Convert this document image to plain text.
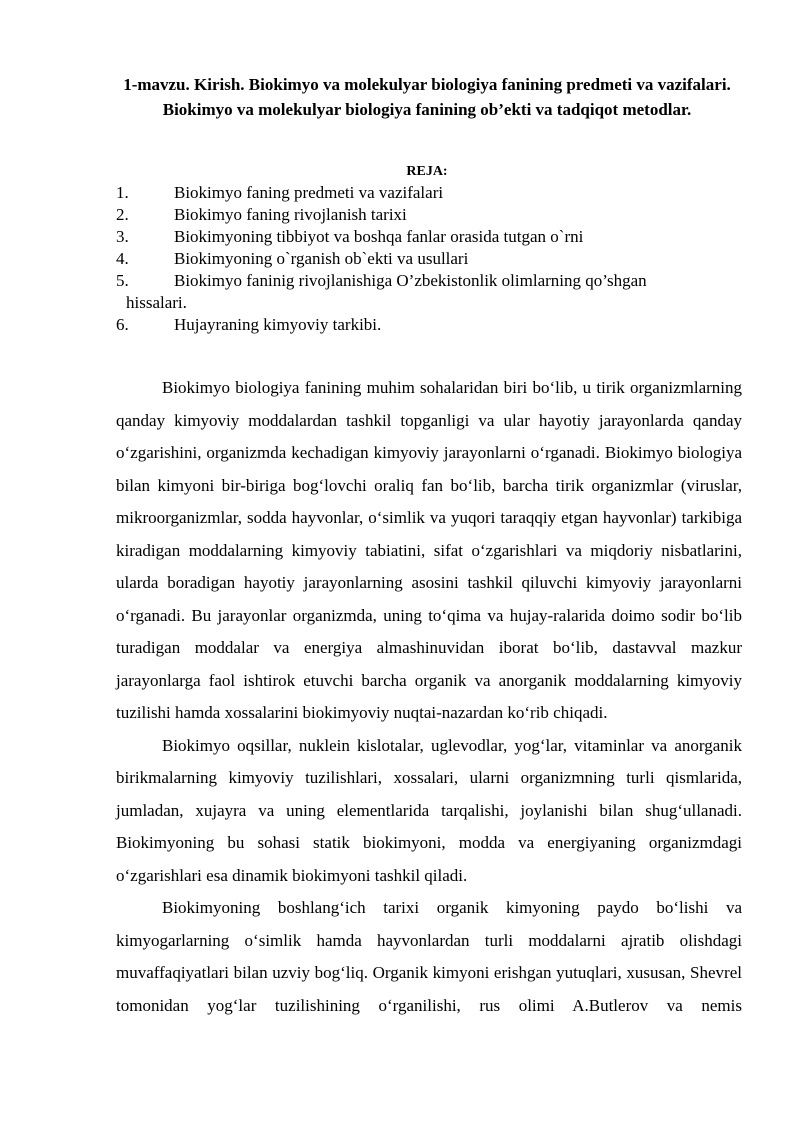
1-mavzu. Kirish. Biokimyo va molekulyar biologiya fanining predmeti va vazifalari. Biokimyo va molekulyar biologiya fanining ob’ekti va tadqiqot metodlar.
REJA:
1.	Biokimyo faning predmeti va vazifalari
2.	Biokimyo faning rivojlanish tarixi
3.	Biokimyoning tibbiyot va boshqa fanlar orasida tutgan o`rni
4.	Biokimyoning o`rganish ob`ekti va usullari
5.	Biokimyo faninig rivojlanishiga O’zbekistonlik olimlarning qo’shgan
hissalari.
6.	Hujayraning kimyoviy tarkibi.

Biokimyo biologiya fanining muhim sohalaridan biri bo‘lib, u tirik organizmlarning qanday kimyoviy moddalardan tashkil topganligi va ular hayotiy jarayonlarda qanday o‘zgarishini, organizmda kechadigan kimyoviy jarayonlarni o‘rganadi. Biokimyo biologiya bilan kimyoni bir-biriga bog‘lovchi oraliq fan bo‘lib, barcha tirik organizmlar (viruslar, mikroorganizmlar, sodda hayvonlar, o‘simlik va yuqori taraqqiy etgan hayvonlar) tarkibiga kiradigan moddalarning kimyoviy tabiatini, sifat o‘zgarishlari va miqdoriy nisbatlarini, ularda boradigan hayotiy jarayonlarning asosini tashkil qiluvchi kimyoviy jarayonlarni o‘rganadi. Bu jarayonlar organizmda, uning to‘qima va hujay-ralarida doimo sodir bo‘lib turadigan moddalar va energiya almashinuvidan iborat bo‘lib, dastavval mazkur jarayonlarga faol ishtirok etuvchi barcha organik va anorganik moddalarning kimyoviy tuzilishi hamda xossalarini biokimyoviy nuqtai-nazardan ko‘rib chiqadi.

Biokimyo oqsillar, nuklein kislotalar, uglevodlar, yog‘lar, vitaminlar va anorganik birikmalarning kimyoviy tuzilishlari, xossalari, ularni organizmning turli qismlarida, jumladan, xujayra va uning elementlarida tarqalishi, joylanishi bilan shug‘ullanadi. Biokimyoning bu sohasi statik biokimyoni, modda va energiyaning organizmdagi o‘zgarishlari esa dinamik biokimyoni tashkil qiladi.

Biokimyoning boshlang‘ich tarixi organik kimyoning paydo bo‘lishi va kimyogarlarning o‘simlik hamda hayvonlardan turli moddalarni ajratib olishdagi muvaffaqiyatlari bilan uzviy bog‘liq. Organik kimyoni erishgan yutuqlari, xususan, Shevrel tomonidan yog‘lar tuzilishining o‘rganilishi, rus olimi A.Butlerov va nemis
